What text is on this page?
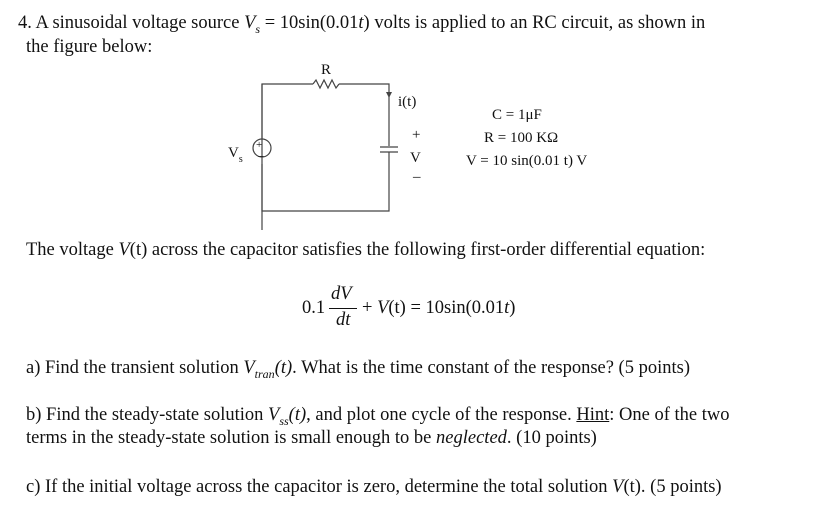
4. A sinusoidal voltage source $V_s = 10\sin(0.01t)$ volts is applied to an RC circuit, as shown in
the figure below:
+
–
R
i(t)
$V_s$
+
V
–
C = 1μF
R = 100 KΩ
V = 10 sin(0.01 t) V
The voltage V(t) across the capacitor satisfies the following first-order differential equation:
0.1
dV
dt
+ V(t) = 10sin(0.01t)
a) Find the transient solution $V_{tran}(t)$. What is the time constant of the response? (5 points)
b) Find the steady-state solution $V_{ss}(t)$, and plot one cycle of the response. Hint: One of the two
terms in the steady-state solution is small enough to be neglected. (10 points)
c) If the initial voltage across the capacitor is zero, determine the total solution V(t). (5 points)
